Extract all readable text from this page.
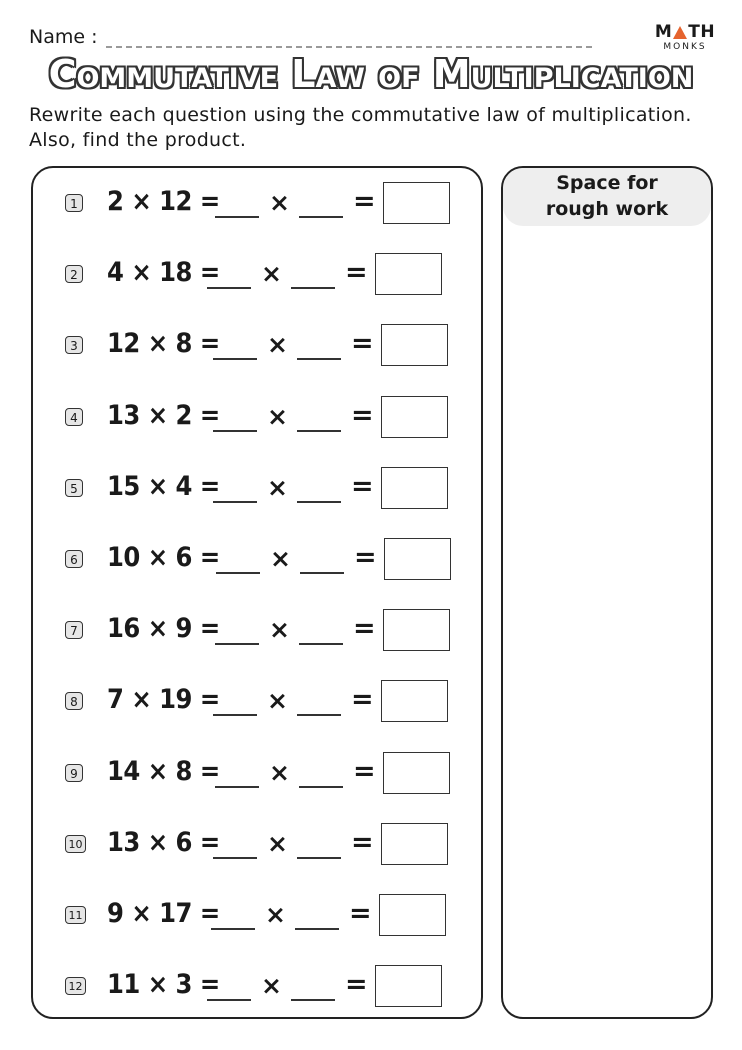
Name :	M TH
MONKS
Commutative Law of Multiplication
Rewrite each question using the commutative law of multiplication.
Also, find the product.
1 2 × 12 = × =
2 4 × 18 = × =
3 12 × 8 = × =
4 13 × 2 = × =
5 15 × 4 = × =
6 10 × 6 = × =
7 16 × 9 = × =
8 7 × 19 = × =
9 14 × 8 = × =
10 13 × 6 = × =
11 9 × 17 = × =
12 11 × 3 = × =
Space for
rough work
